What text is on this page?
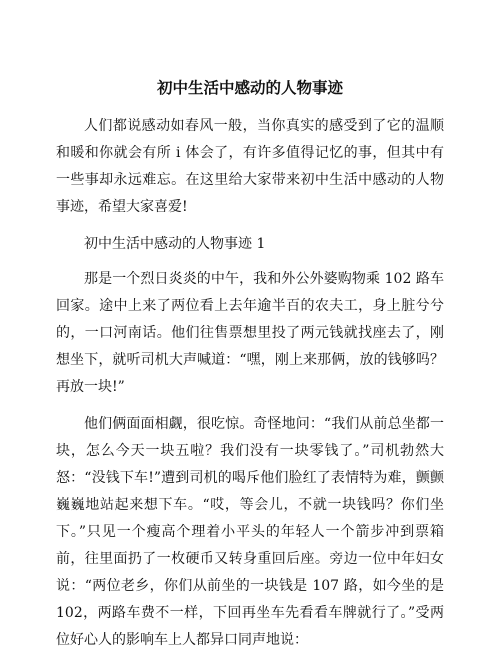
初中生活中感动的人物事迹

人们都说感动如春风一般，当你真实的感受到了它的温顺和暖和你就会有所 i 体会了，有许多值得记忆的事，但其中有一些事却永远难忘。在这里给大家带来初中生活中感动的人物事迹，希望大家喜爱!

初中生活中感动的人物事迹 1

那是一个烈日炎炎的中午，我和外公外婆购物乘 102 路车回家。途中上来了两位看上去年逾半百的农夫工，身上脏兮兮的，一口河南话。他们往售票想里投了两元钱就找座去了，刚想坐下，就听司机大声喊道：“嘿，刚上来那俩，放的钱够吗？再放一块!”

他们俩面面相觑，很吃惊。奇怪地问：“我们从前总坐都一块，怎么今天一块五啦？我们没有一块零钱了。”司机勃然大怒：“没钱下车!”遭到司机的喝斥他们脸红了表情特为难，颤颤巍巍地站起来想下车。“哎，等会儿，不就一块钱吗？你们坐下。”只见一个瘦高个理着小平头的年轻人一个箭步冲到票箱前，往里面扔了一枚硬币又转身重回后座。旁边一位中年妇女说：“两位老乡，你们从前坐的一块钱是 107 路，如今坐的是 102，两路车费不一样，下回再坐车先看看车牌就行了。”受两位好心人的影响车上人都异口同声地说：
